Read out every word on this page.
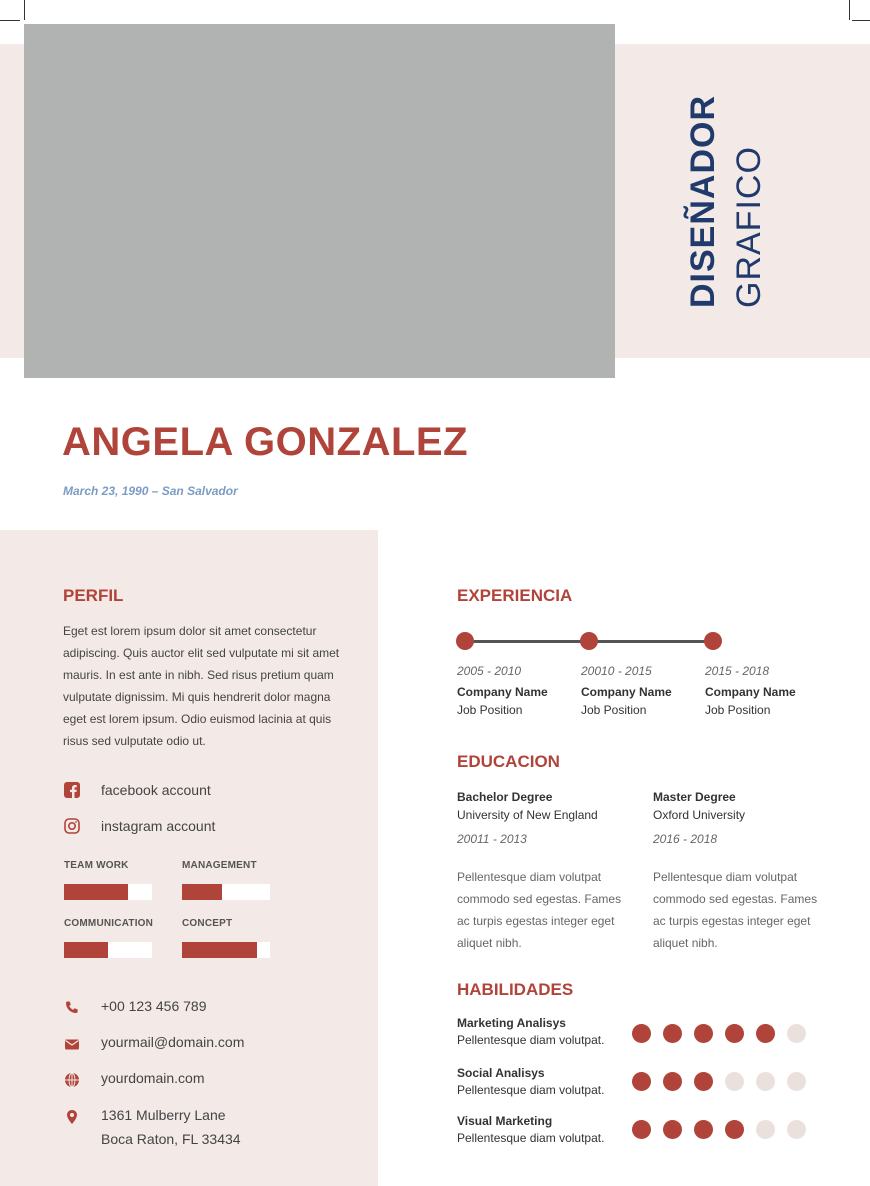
DISEÑADOR GRAFICO
ANGELA GONZALEZ
March 23, 1990 – San Salvador
PERFIL
Eget est lorem ipsum dolor sit amet consectetur adipiscing. Quis auctor elit sed vulputate mi sit amet mauris. In est ante in nibh. Sed risus pretium quam vulputate dignissim. Mi quis hendrerit dolor magna eget est lorem ipsum. Odio euismod lacinia at quis risus sed vulputate odio ut.
facebook account
instagram account
TEAM WORK	MANAGEMENT
COMMUNICATION	CONCEPT
+00 123 456 789
yourmail@domain.com
yourdomain.com
1361 Mulberry Lane
Boca Raton, FL 33434
EXPERIENCIA
2005 - 2010
Company Name
Job Position
20010 - 2015
Company Name
Job Position
2015 - 2018
Company Name
Job Position
EDUCACION
Bachelor Degree
University of New England
20011 - 2013
Pellentesque diam volutpat commodo sed egestas. Fames ac turpis egestas integer eget aliquet nibh.
Master Degree
Oxford University
2016 - 2018
Pellentesque diam volutpat commodo sed egestas. Fames ac turpis egestas integer eget aliquet nibh.
HABILIDADES
Marketing Analisys
Pellentesque diam volutpat.
Social Analisys
Pellentesque diam volutpat.
Visual Marketing
Pellentesque diam volutpat.
